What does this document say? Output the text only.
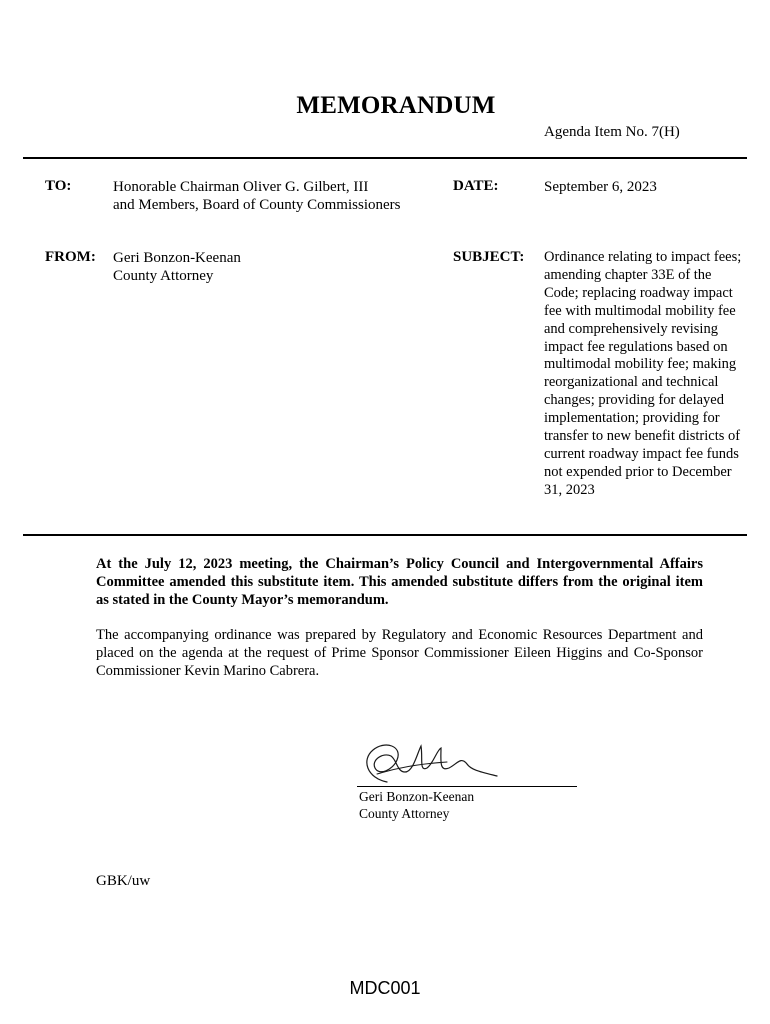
MEMORANDUM
Agenda Item No. 7(H)
TO:	Honorable Chairman Oliver G. Gilbert, III
and Members, Board of County Commissioners
DATE:	September 6, 2023
FROM: Geri Bonzon-Keenan
County Attorney
SUBJECT: Ordinance relating to impact fees; amending chapter 33E of the Code; replacing roadway impact fee with multimodal mobility fee and comprehensively revising impact fee regulations based on multimodal mobility fee; making reorganizational and technical changes; providing for delayed implementation; providing for transfer to new benefit districts of current roadway impact fee funds not expended prior to December 31, 2023
At the July 12, 2023 meeting, the Chairman’s Policy Council and Intergovernmental Affairs Committee amended this substitute item. This amended substitute differs from the original item as stated in the County Mayor’s memorandum.
The accompanying ordinance was prepared by Regulatory and Economic Resources Department and placed on the agenda at the request of Prime Sponsor Commissioner Eileen Higgins and Co-Sponsor Commissioner Kevin Marino Cabrera.
Geri Bonzon-Keenan
County Attorney
GBK/uw
MDC001
